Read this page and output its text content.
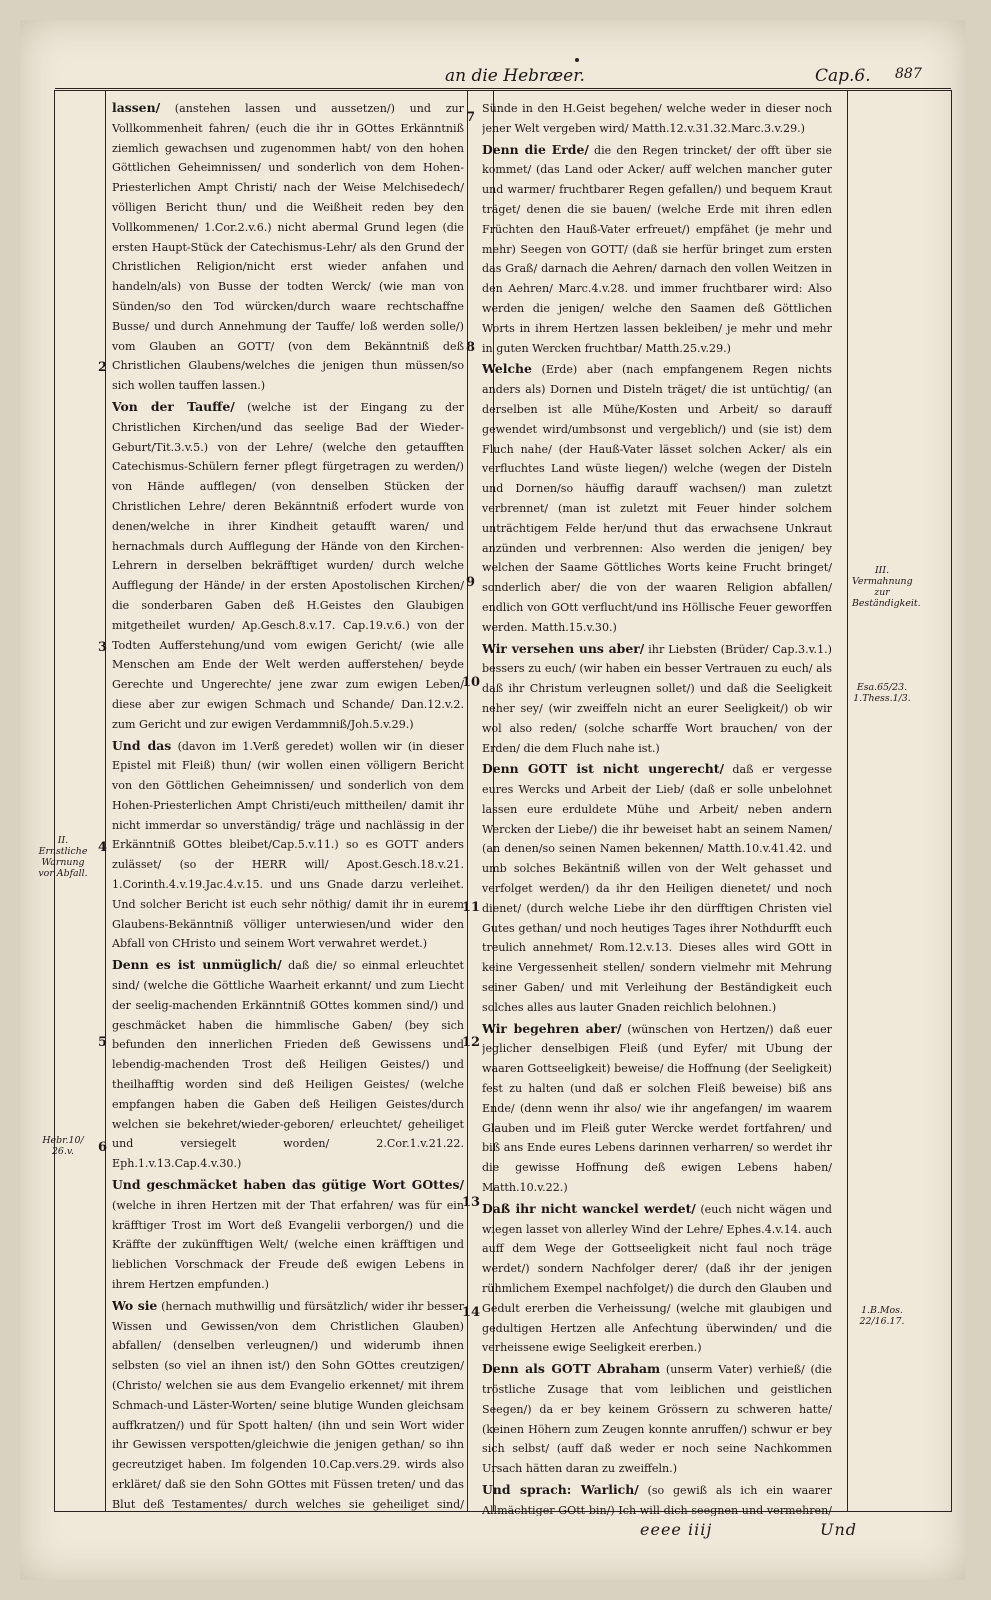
an die Hebræer.	Cap.6. 887

lassen/ (anstehen lassen und aussetzen/) und zur Vollkommenheit fahren/ (euch die ihr in GOttes Erkänntniß ziemlich gewachsen und zugenommen habt/ von den hohen Göttlichen Geheimnissen/ und sonderlich von dem Hohen-Priesterlichen Ampt Christi/ nach der Weise Melchisedech/ völligen Bericht thun/ und die Weißheit reden bey den Vollkommenen/ 1.Cor.2.v.6.) nicht abermal Grund legen (die ersten Haupt-Stück der Catechismus-Lehr/ als den Grund der Christlichen Religion/nicht erst wieder anfahen und handeln/als) von Busse der todten Werck/ (wie man von Sünden/so den Tod würcken/durch waare rechtschaffne Busse/ und durch Annehmung der Tauffe/ loß werden solle/) vom Glauben an GOTT/ (von dem Bekänntniß deß Christlichen Glaubens/welches die jenigen thun müssen/so sich wollen tauffen lassen.)

Von der Tauffe/ (welche ist der Eingang zu der Christlichen Kirchen/und das seelige Bad der Wieder-Geburt/Tit.3.v.5.) von der Lehre/ (welche den getaufften Catechismus-Schülern ferner pflegt fürgetragen zu werden/) von Hände aufflegen/ (von denselben Stücken der Christlichen Lehre/ deren Bekänntniß erfodert wurde von denen/welche in ihrer Kindheit getaufft waren/ und hernachmals durch Aufflegung der Hände von den Kirchen-Lehrern in derselben bekräfftiget wurden/ durch welche Aufflegung der Hände/ in der ersten Apostolischen Kirchen/ die sonderbaren Gaben deß H.Geistes den Glaubigen mitgetheilet wurden/ Ap.Gesch.8.v.17. Cap.19.v.6.) von der Todten Aufferstehung/und vom ewigen Gericht/ (wie alle Menschen am Ende der Welt werden aufferstehen/ beyde Gerechte und Ungerechte/ jene zwar zum ewigen Leben/ diese aber zur ewigen Schmach und Schande/ Dan.12.v.2. zum Gericht und zur ewigen Verdammniß/Joh.5.v.29.)

Und das (davon im 1.Verß geredet) wollen wir (in dieser Epistel mit Fleiß) thun/ (wir wollen einen völligern Bericht von den Göttlichen Geheimnissen/ und sonderlich von dem Hohen-Priesterlichen Ampt Christi/euch mittheilen/ damit ihr nicht immerdar so unverständig/ träge und nachlässig in der Erkänntniß GOttes bleibet/Cap.5.v.11.) so es GOTT anders zulässet/ (so der HERR will/ Apost.Gesch.18.v.21. 1.Corinth.4.v.19.Jac.4.v.15. und uns Gnade darzu verleihet. Und solcher Bericht ist euch sehr nöthig/ damit ihr in eurem Glaubens-Bekänntniß völliger unterwiesen/und wider den Abfall von CHristo und seinem Wort verwahret werdet.)

Denn es ist unmüglich/ daß die/ so einmal erleuchtet sind/ (welche die Göttliche Waarheit erkannt/ und zum Liecht der seelig-machenden Erkänntniß GOttes kommen sind/) und geschmäcket haben die himmlische Gaben/ (bey sich befunden den innerlichen Frieden deß Gewissens und lebendig-machenden Trost deß Heiligen Geistes/) und theilhafftig worden sind deß Heiligen Geistes/ (welche empfangen haben die Gaben deß Heiligen Geistes/durch welchen sie bekehret/wieder-geboren/ erleuchtet/ geheiliget und versiegelt worden/ 2.Cor.1.v.21.22. Eph.1.v.13.Cap.4.v.30.)

Und geschmäcket haben das gütige Wort GOttes/ (welche in ihren Hertzen mit der That erfahren/ was für ein kräfftiger Trost im Wort deß Evangelii verborgen/) und die Kräffte der zukünfftigen Welt/ (welche einen kräfftigen und lieblichen Vorschmack der Freude deß ewigen Lebens in ihrem Hertzen empfunden.)

Wo sie (hernach muthwillig und fürsätzlich/ wider ihr besser Wissen und Gewissen/von dem Christlichen Glauben) abfallen/ (denselben verleugnen/) und widerumb ihnen selbsten (so viel an ihnen ist/) den Sohn GOttes creutzigen/ (Christo/ welchen sie aus dem Evangelio erkennet/ mit ihrem Schmach-und Läster-Worten/ seine blutige Wunden gleichsam auffkratzen/) und für Spott halten/ (ihn und sein Wort wider ihr Gewissen verspotten/gleichwie die jenigen gethan/ so ihn gecreutziget haben. Im folgenden 10.Cap.vers.29. wirds also erkläret/ daß sie den Sohn GOttes mit Füssen treten/ und das Blut deß Testamentes/ durch welches sie geheiliget sind/

Sünde in den H.Geist begehen/ welche weder in dieser noch jener Welt vergeben wird/ Matth.12.v.31.32.Marc.3.v.29.)

Denn die Erde/ die den Regen trincket/ der offt über sie kommet/ (das Land oder Acker/ auff welchen mancher guter und warmer/ fruchtbarer Regen gefallen/) und bequem Kraut träget/ denen die sie bauen/ (welche Erde mit ihren edlen Früchten den Hauß-Vater erfreuet/) empfähet (je mehr und mehr) Seegen von GOTT/ (daß sie herfür bringet zum ersten das Graß/ darnach die Aehren/ darnach den vollen Weitzen in den Aehren/ Marc.4.v.28. und immer fruchtbarer wird: Also werden die jenigen/ welche den Saamen deß Göttlichen Worts in ihrem Hertzen lassen bekleiben/ je mehr und mehr in guten Wercken fruchtbar/ Matth.25.v.29.)

Welche (Erde) aber (nach empfangenem Regen nichts anders als) Dornen und Disteln träget/ die ist untüchtig/ (an derselben ist alle Mühe/Kosten und Arbeit/ so darauff gewendet wird/umbsonst und vergeblich/) und (sie ist) dem Fluch nahe/ (der Hauß-Vater lässet solchen Acker/ als ein verfluchtes Land wüste liegen/) welche (wegen der Disteln und Dornen/so häuffig darauff wachsen/) man zuletzt verbrennet/ (man ist zuletzt mit Feuer hinder solchem unträchtigem Felde her/und thut das erwachsene Unkraut anzünden und verbrennen: Also werden die jenigen/ bey welchen der Saame Göttliches Worts keine Frucht bringet/ sonderlich aber/ die von der waaren Religion abfallen/ endlich von GOtt verflucht/und ins Höllische Feuer geworffen werden. Matth.15.v.30.)

Wir versehen uns aber/ ihr Liebsten (Brüder/ Cap.3.v.1.) bessers zu euch/ (wir haben ein besser Vertrauen zu euch/ als daß ihr Christum verleugnen sollet/) und daß die Seeligkeit neher sey/ (wir zweiffeln nicht an eurer Seeligkeit/) ob wir wol also reden/ (solche scharffe Wort brauchen/ von der Erden/ die dem Fluch nahe ist.)

Denn GOTT ist nicht ungerecht/ daß er vergesse eures Wercks und Arbeit der Lieb/ (daß er solle unbelohnet lassen eure erduldete Mühe und Arbeit/ neben andern Wercken der Liebe/) die ihr beweiset habt an seinem Namen/ (an denen/so seinen Namen bekennen/ Matth.10.v.41.42. und umb solches Bekäntniß willen von der Welt gehasset und verfolget werden/) da ihr den Heiligen dienetet/ und noch dienet/ (durch welche Liebe ihr den dürfftigen Christen viel Gutes gethan/ und noch heutiges Tages ihrer Nothdurfft euch treulich annehmet/ Rom.12.v.13. Dieses alles wird GOtt in keine Vergessenheit stellen/ sondern vielmehr mit Mehrung seiner Gaben/ und mit Verleihung der Beständigkeit euch solches alles aus lauter Gnaden reichlich belohnen.)

Wir begehren aber/ (wünschen von Hertzen/) daß euer jeglicher denselbigen Fleiß (und Eyfer/ mit Ubung der waaren Gottseeligkeit) beweise/ die Hoffnung (der Seeligkeit) fest zu halten (und daß er solchen Fleiß beweise) biß ans Ende/ (denn wenn ihr also/ wie ihr angefangen/ im waarem Glauben und im Fleiß guter Wercke werdet fortfahren/ und biß ans Ende eures Lebens darinnen verharren/ so werdet ihr die gewisse Hoffnung deß ewigen Lebens haben/ Matth.10.v.22.)

Daß ihr nicht wanckel werdet/ (euch nicht wägen und wiegen lasset von allerley Wind der Lehre/ Ephes.4.v.14. auch auff dem Wege der Gottseeligkeit nicht faul noch träge werdet/) sondern Nachfolger derer/ (daß ihr der jenigen rühmlichem Exempel nachfolget/) die durch den Glauben und Gedult ererben die Verheissung/ (welche mit glaubigen und gedultigen Hertzen alle Anfechtung überwinden/ und die verheissene ewige Seeligkeit ererben.)

Denn als GOTT Abraham (unserm Vater) verhieß/ (die tröstliche Zusage that vom leiblichen und geistlichen Seegen/) da er bey keinem Grössern zu schweren hatte/ (keinen Höhern zum Zeugen konnte anruffen/) schwur er bey sich selbst/ (auff daß weder er noch seine Nachkommen Ursach hätten daran zu zweiffeln.)

Und sprach: Warlich/ (so gewiß als ich ein waarer Allmächtiger GOtt bin/) Ich will dich seegnen und vermehren/

2
3
4
5
6
7
8
9
10
11
12
13
14
II. Ernstliche Warnung vor Abfall.
Hebr.10/ 26.v.
III. Vermahnung zur Beständigkeit.
Esa.65/23. 1.Thess.1/3.
1.B.Mos. 22/16.17.
eeee iiij	Und
